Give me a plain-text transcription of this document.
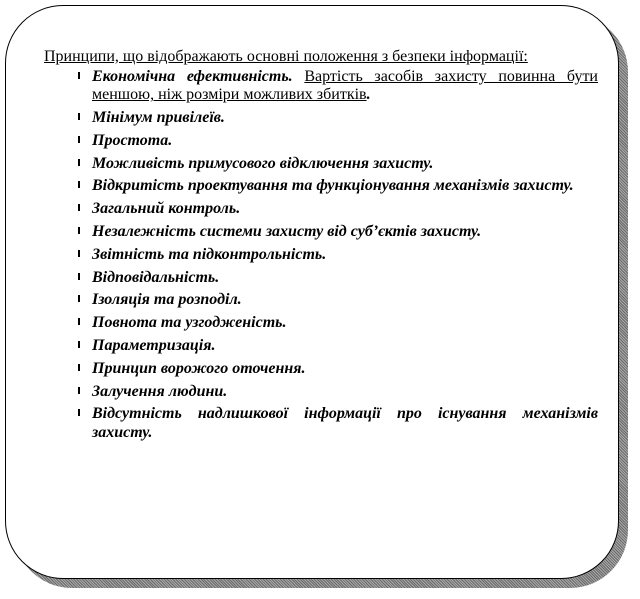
Принципи, що відображають основні положення з безпеки інформації:

Економічна ефективність. Вартість засобів захисту повинна бути меншою, ніж розміри можливих збитків.
Мінімум привілеїв.
Простота.
Можливість примусового відключення захисту.
Відкритість проектування та функціонування механізмів захисту.
Загальний контроль.
Незалежність системи захисту від суб’єктів захисту.
Звітність та підконтрольність.
Відповідальність.
Ізоляція та розподіл.
Повнота та узгодженість.
Параметризація.
Принцип ворожого оточення.
Залучення людини.
Відсутність надлишкової інформації про існування механізмів захисту.
